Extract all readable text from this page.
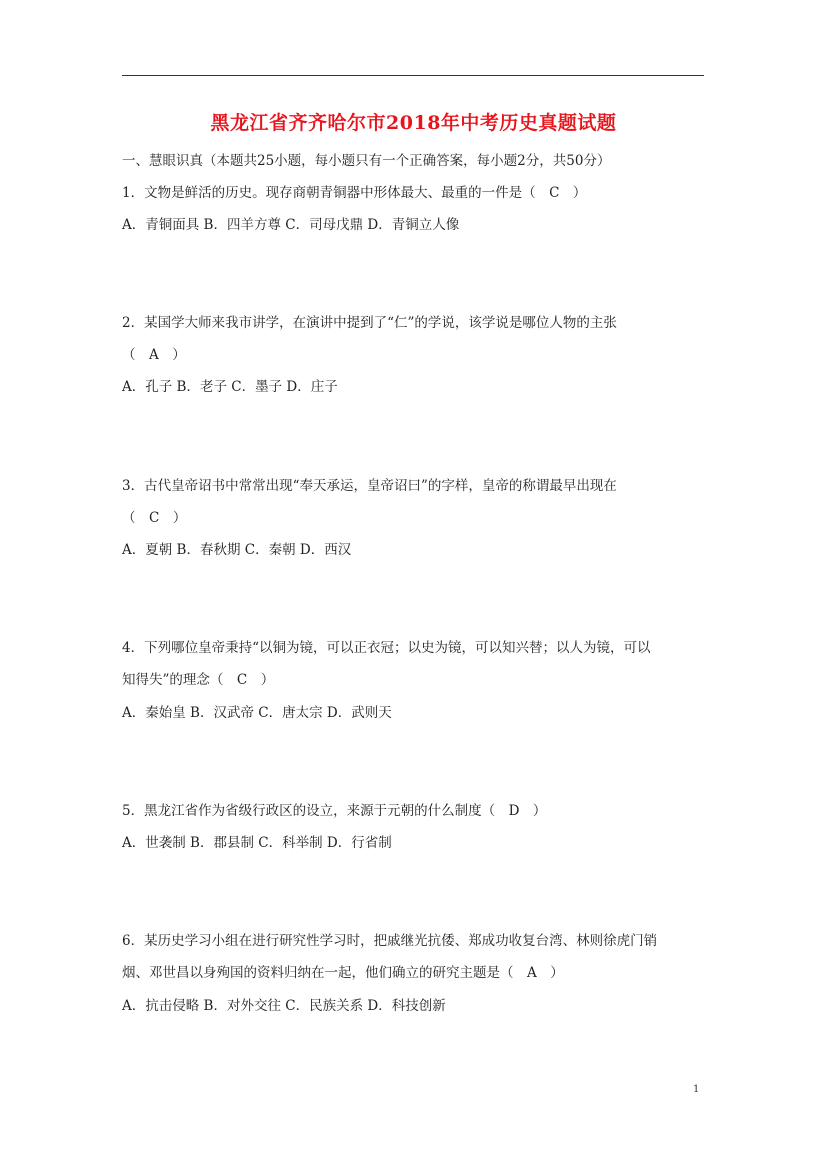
黑龙江省齐齐哈尔市2018年中考历史真题试题
一、慧眼识真（本题共25小题，每小题只有一个正确答案，每小题2分，共50分）
1．文物是鲜活的历史。现存商朝青铜器中形体最大、最重的一件是（　C　）
A．青铜面具 B．四羊方尊 C．司母戊鼎 D．青铜立人像
2．某国学大师来我市讲学，在演讲中提到了“仁”的学说，该学说是哪位人物的主张
（　A　）
A．孔子 B．老子 C．墨子 D．庄子
3．古代皇帝诏书中常常出现“奉天承运，皇帝诏曰”的字样，皇帝的称谓最早出现在
（　C　）
A．夏朝 B．春秋期 C．秦朝 D．西汉
4．下列哪位皇帝秉持“以铜为镜，可以正衣冠；以史为镜，可以知兴替；以人为镜，可以
知得失”的理念（　C　）
A．秦始皇 B．汉武帝 C．唐太宗 D．武则天
5．黑龙江省作为省级行政区的设立，来源于元朝的什么制度（　D　）
A．世袭制 B．郡县制 C．科举制 D．行省制
6．某历史学习小组在进行研究性学习时，把戚继光抗倭、郑成功收复台湾、林则徐虎门销
烟、邓世昌以身殉国的资料归纳在一起，他们确立的研究主题是（　A　）
A．抗击侵略 B．对外交往 C．民族关系 D．科技创新
1
